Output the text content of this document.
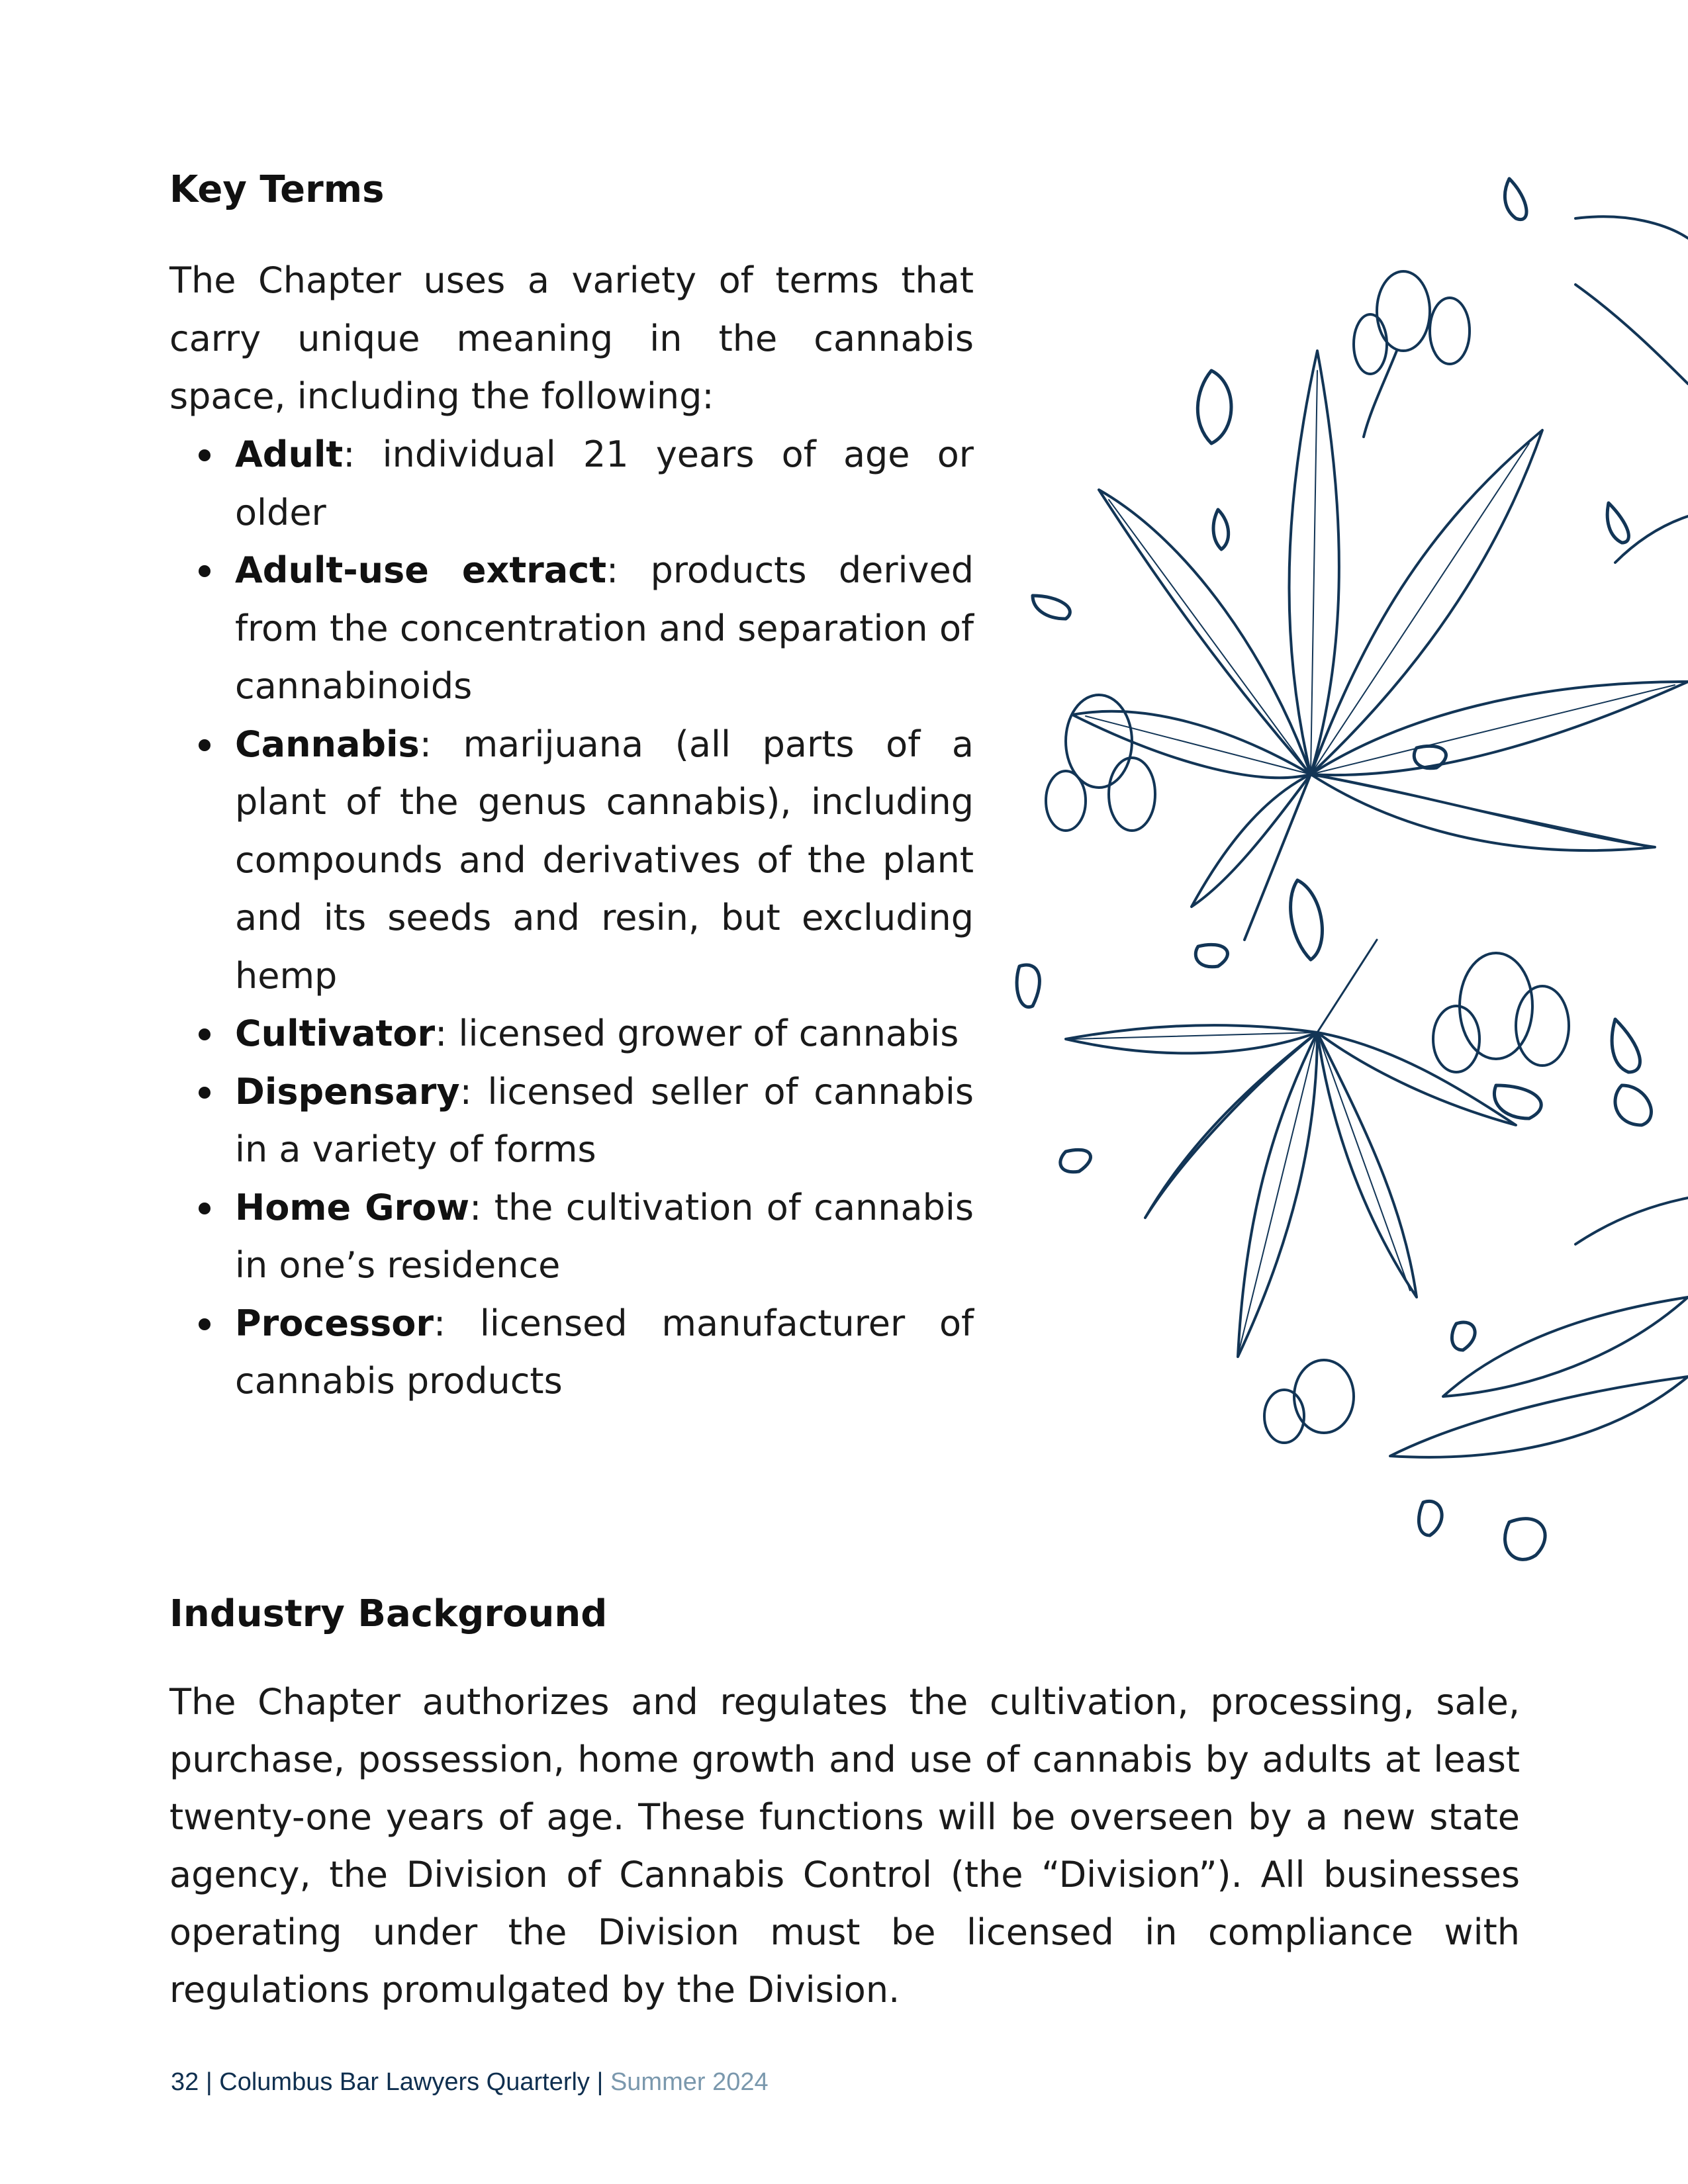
Key Terms

The Chapter uses a variety of terms that carry unique meaning in the cannabis space, including the following:

Adult: individual 21 years of age or older
Adult-use extract: products derived from the concentration and separation of cannabinoids
Cannabis: marijuana (all parts of a plant of the genus cannabis), including compounds and derivatives of the plant and its seeds and resin, but excluding hemp
Cultivator: licensed grower of cannabis
Dispensary: licensed seller of cannabis in a variety of forms
Home Grow: the cultivation of cannabis in one’s residence
Processor: licensed manufacturer of cannabis products
Industry Background

The Chapter authorizes and regulates the cultivation, processing, sale, purchase, possession, home growth and use of cannabis by adults at least twenty-one years of age. These functions will be overseen by a new state agency, the Division of Cannabis Control (the “Division”). All businesses operating under the Division must be licensed in compliance with regulations promulgated by the Division.

32 | Columbus Bar Lawyers Quarterly | Summer 2024
